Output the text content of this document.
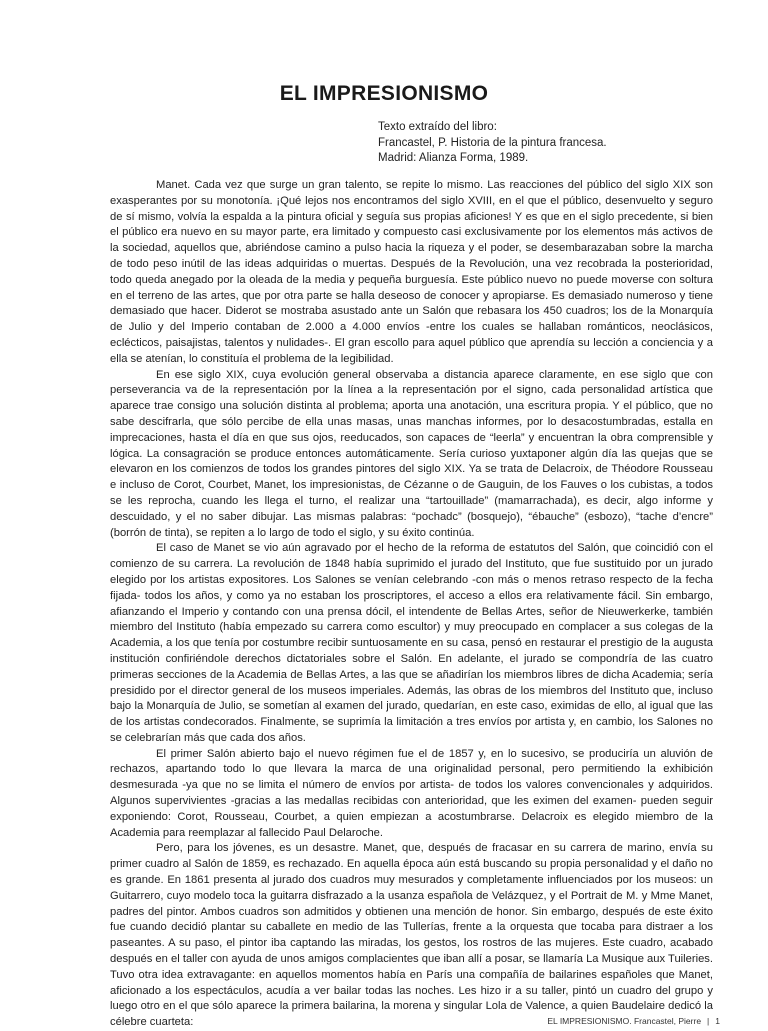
EL IMPRESIONISMO
Texto extraído del libro:
Francastel, P. Historia de la pintura francesa.
Madrid: Alianza Forma, 1989.

Manet. Cada vez que surge un gran talento, se repite lo mismo. Las reacciones del público del siglo XIX son exasperantes por su monotonía. ¡Qué lejos nos encontramos del siglo XVIII, en el que el público, desenvuelto y seguro de sí mismo, volvía la espalda a la pintura oficial y seguía sus propias aficiones! Y es que en el siglo precedente, si bien el público era nuevo en su mayor parte, era limitado y compuesto casi exclusivamente por los elementos más activos de la sociedad, aquellos que, abriéndose camino a pulso hacia la riqueza y el poder, se desembarazaban sobre la marcha de todo peso inútil de las ideas adquiridas o muertas. Después de la Revolución, una vez recobrada la posterioridad, todo queda anegado por la oleada de la media y pequeña burguesía. Este público nuevo no puede moverse con soltura en el terreno de las artes, que por otra parte se halla deseoso de conocer y apropiarse. Es demasiado numeroso y tiene demasiado que hacer. Diderot se mostraba asustado ante un Salón que rebasara los 450 cuadros; los de la Monarquía de Julio y del Imperio contaban de 2.000 a 4.000 envíos -entre los cuales se hallaban románticos, neoclásicos, eclécticos, paisajistas, talentos y nulidades-. El gran escollo para aquel público que aprendía su lección a conciencia y a ella se atenían, lo constituía el problema de la legibilidad.

En ese siglo XIX, cuya evolución general observaba a distancia aparece claramente, en ese siglo que con perseverancia va de la representación por la línea a la representación por el signo, cada personalidad artística que aparece trae consigo una solución distinta al problema; aporta una anotación, una escritura propia. Y el público, que no sabe descifrarla, que sólo percibe de ella unas masas, unas manchas informes, por lo desacostumbradas, estalla en imprecaciones, hasta el día en que sus ojos, reeducados, son capaces de “leerla” y encuentran la obra comprensible y lógica. La consagración se produce entonces automáticamente. Sería curioso yuxtaponer algún día las quejas que se elevaron en los comienzos de todos los grandes pintores del siglo XIX. Ya se trata de Delacroix, de Théodore Rousseau e incluso de Corot, Courbet, Manet, los impresionistas, de Cézanne o de Gauguin, de los Fauves o los cubistas, a todos se les reprocha, cuando les llega el turno, el realizar una “tartouillade” (mamarrachada), es decir, algo informe y descuidado, y el no saber dibujar. Las mismas palabras: “pochadc” (bosquejo), “ébauche” (esbozo), “tache d’encre” (borrón de tinta), se repiten a lo largo de todo el siglo, y su éxito continúa.

El caso de Manet se vio aún agravado por el hecho de la reforma de estatutos del Salón, que coincidió con el comienzo de su carrera. La revolución de 1848 había suprimido el jurado del Instituto, que fue sustituido por un jurado elegido por los artistas expositores. Los Salones se venían celebrando -con más o menos retraso respecto de la fecha fijada- todos los años, y como ya no estaban los proscriptores, el acceso a ellos era relativamente fácil. Sin embargo, afianzando el Imperio y contando con una prensa dócil, el intendente de Bellas Artes, señor de Nieuwerkerke, también miembro del Instituto (había empezado su carrera como escultor) y muy preocupado en complacer a sus colegas de la Academia, a los que tenía por costumbre recibir suntuosamente en su casa, pensó en restaurar el prestigio de la augusta institución confiriéndole derechos dictatoriales sobre el Salón. En adelante, el jurado se compondría de las cuatro primeras secciones de la Academia de Bellas Artes, a las que se añadirían los miembros libres de dicha Academia; sería presidido por el director general de los museos imperiales. Además, las obras de los miembros del Instituto que, incluso bajo la Monarquía de Julio, se sometían al examen del jurado, quedarían, en este caso, eximidas de ello, al igual que las de los artistas condecorados. Finalmente, se suprimía la limitación a tres envíos por artista y, en cambio, los Salones no se celebrarían más que cada dos años.

El primer Salón abierto bajo el nuevo régimen fue el de 1857 y, en lo sucesivo, se produciría un aluvión de rechazos, apartando todo lo que llevara la marca de una originalidad personal, pero permitiendo la exhibición desmesurada -ya que no se limita el número de envíos por artista- de todos los valores convencionales y adquiridos. Algunos supervivientes -gracias a las medallas recibidas con anterioridad, que les eximen del examen- pueden seguir exponiendo: Corot, Rousseau, Courbet, a quien empiezan a acostumbrarse. Delacroix es elegido miembro de la Academia para reemplazar al fallecido Paul Delaroche.

Pero, para los jóvenes, es un desastre. Manet, que, después de fracasar en su carrera de marino, envía su primer cuadro al Salón de 1859, es rechazado. En aquella época aún está buscando su propia personalidad y el daño no es grande. En 1861 presenta al jurado dos cuadros muy mesurados y completamente influenciados por los museos: un Guitarrero, cuyo modelo toca la guitarra disfrazado a la usanza española de Velázquez, y el Portrait de M. y Mme Manet, padres del pintor. Ambos cuadros son admitidos y obtienen una mención de honor. Sin embargo, después de este éxito fue cuando decidió plantar su caballete en medio de las Tullerías, frente a la orquesta que tocaba para distraer a los paseantes. A su paso, el pintor iba captando las miradas, los gestos, los rostros de las mujeres. Este cuadro, acabado después en el taller con ayuda de unos amigos complacientes que iban allí a posar, se llamaría La Musique aux Tuileries. Tuvo otra idea extravagante: en aquellos momentos había en París una compañía de bailarines españoles que Manet, aficionado a los espectáculos, acudía a ver bailar todas las noches. Les hizo ir a su taller, pintó un cuadro del grupo y luego otro en el que sólo aparece la primera bailarina, la morena y singular Lola de Valence, a quien Baudelaire dedicó la célebre cuarteta:	EL IMPRESIONISMO. Francastel, Pierre | 1
